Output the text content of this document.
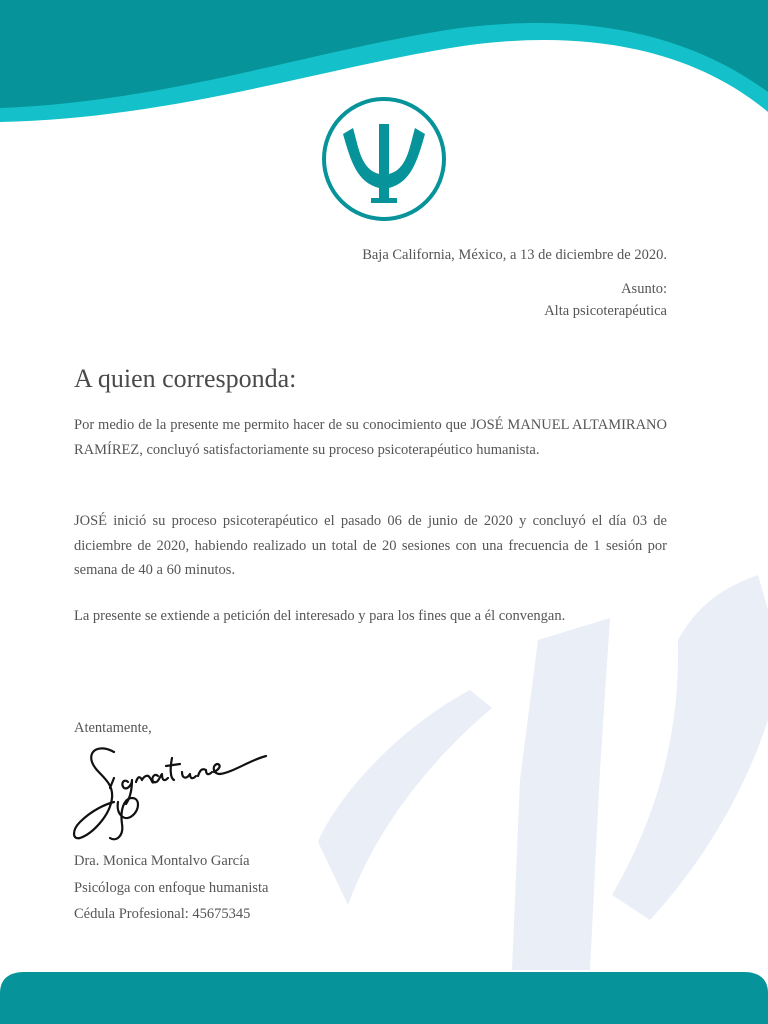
Baja California, México, a 13 de diciembre de 2020.

Asunto:
Alta psicoterapéutica
A quien corresponda:

Por medio de la presente me permito hacer de su conocimiento que JOSÉ MANUEL ALTAMIRANO RAMÍREZ, concluyó satisfactoriamente su proceso psicoterapéutico humanista.

JOSÉ inició su proceso psicoterapéutico el pasado 06 de junio de 2020 y concluyó el día 03 de diciembre de 2020, habiendo realizado un total de 20 sesiones con una frecuencia de 1 sesión por semana de 40 a 60 minutos.

La presente se extiende a petición del interesado y para los fines que a él convengan.

Atentamente,

Dra. Monica Montalvo García
Psicóloga con enfoque humanista
Cédula Profesional: 45675345
